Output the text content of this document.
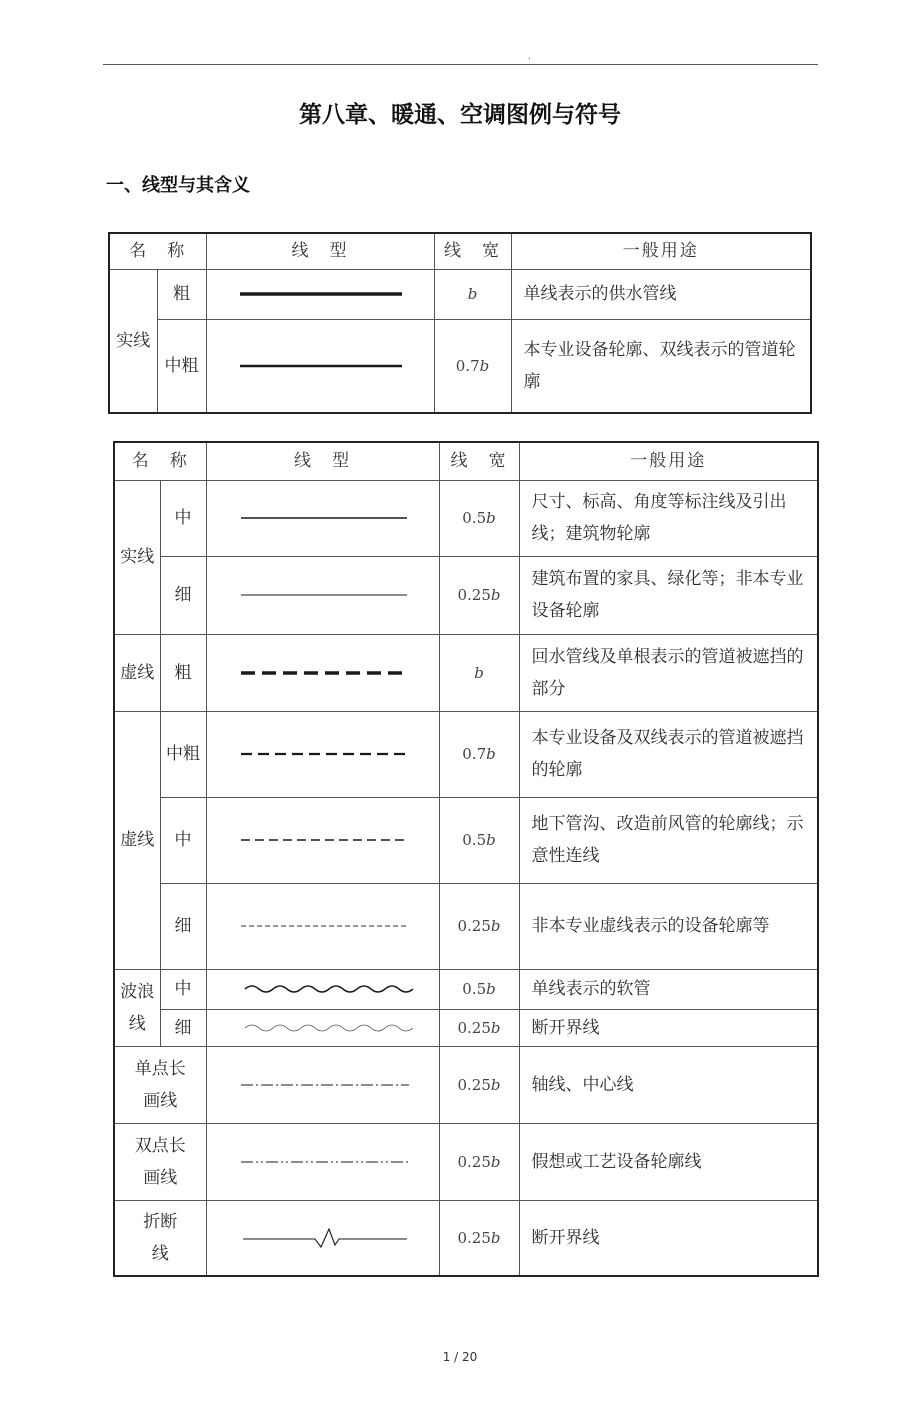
.
第八章、暖通、空调图例与符号
一、线型与其含义
名　称		线　型	线　宽	一般用途
实线	粗		b	单线表示的供水管线
	中粗		0.7b	本专业设备轮廓、双线表示的管道轮廓
名　称		线　型	线　宽	一般用途
实线	中		0.5b	尺寸、标高、角度等标注线及引出线；建筑物轮廓
	细		0.25b	建筑布置的家具、绿化等；非本专业设备轮廓
虚线	粗		b	回水管线及单根表示的管道被遮挡的部分
虚线	中粗		0.7b	本专业设备及双线表示的管道被遮挡的轮廓
	中		0.5b	地下管沟、改造前风管的轮廓线；示意性连线
	细		0.25b	非本专业虚线表示的设备轮廓等
波浪线	中		0.5b	单线表示的软管
	细		0.25b	断开界线
单点长画线			0.25b	轴线、中心线
双点长画线			0.25b	假想或工艺设备轮廓线
折断线			0.25b	断开界线
1 / 20
